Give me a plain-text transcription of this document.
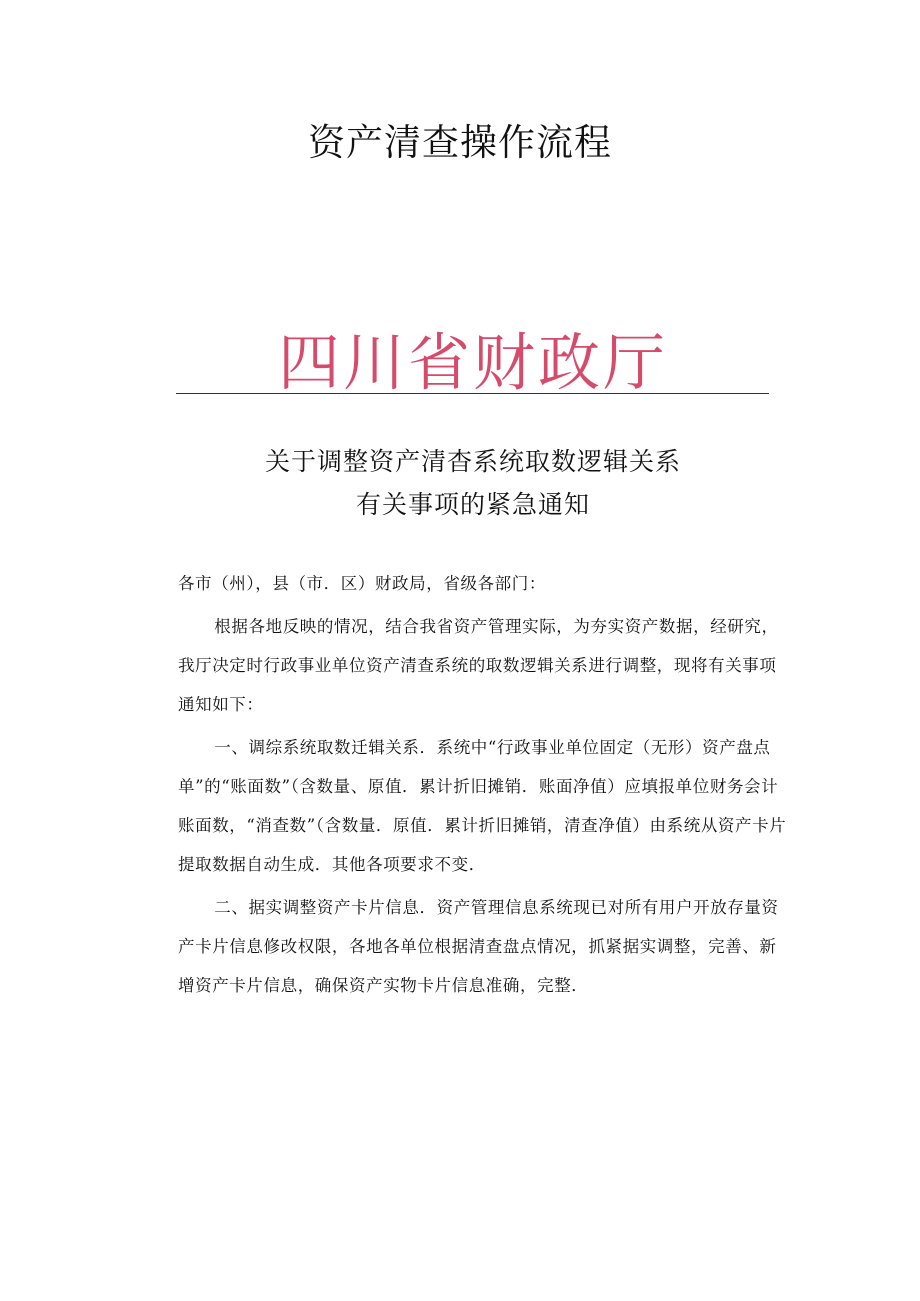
资产清查操作流程
四川省财政厅
关于调整资产清杳系统取数逻辑关系
有关事项的紧急通知

各市（州），县（市．区）财政局，省级各部门：

根据各地反映的情况，结合我省资产管理实际，为夯实资产数据，经研究，我厅决定时行政事业单位资产清查系统的取数逻辑关系进行调整，现将有关事项通知如下：

一、调综系统取数迁辑关系．系统中“行政事业单位固定（无形）资产盘点单”的“账面数”（含数量、原值．累计折旧摊销．账面净值）应填报单位财务会计账面数，“消查数”（含数量．原值．累计折旧摊销，清查净值）由系统从资产卡片提取数据自动生成．其他各项要求不变．

二、据实调整资产卡片信息．资产管理信息系统现已对所有用户开放存量资产卡片信息修改权限，各地各单位根据清查盘点情况，抓紧据实调整，完善、新增资产卡片信息，确保资产实物卡片信息准确，完整．
